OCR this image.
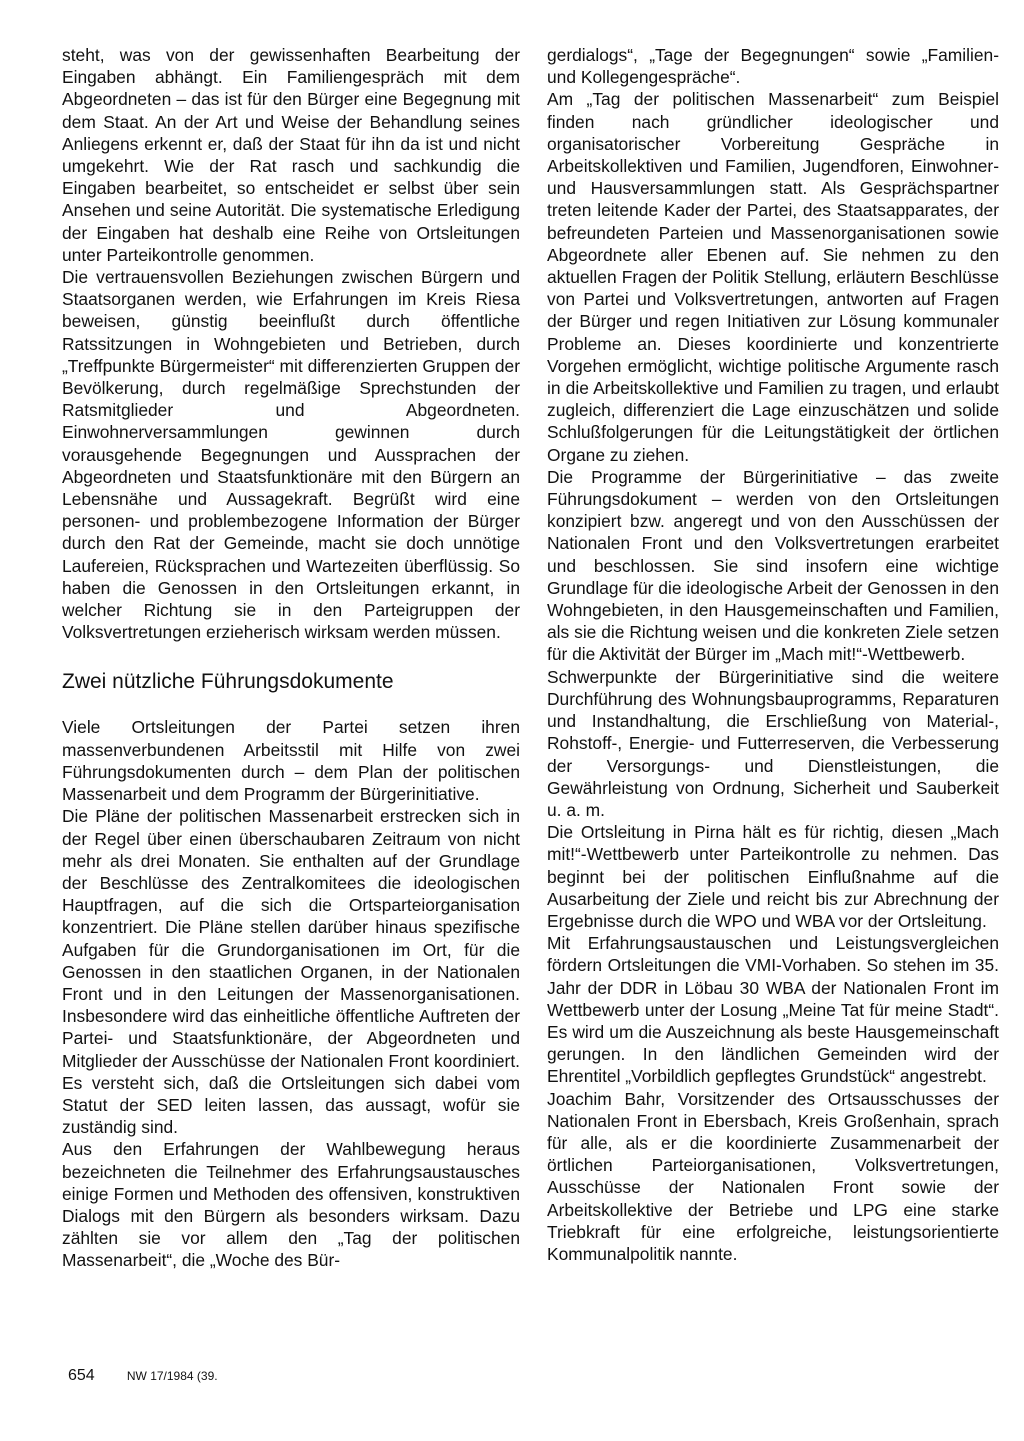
steht, was von der gewissenhaften Bearbeitung der Eingaben abhängt. Ein Familiengespräch mit dem Abgeordneten – das ist für den Bürger eine Begegnung mit dem Staat. An der Art und Weise der Behandlung seines Anliegens erkennt er, daß der Staat für ihn da ist und nicht umgekehrt. Wie der Rat rasch und sachkundig die Eingaben bearbeitet, so entscheidet er selbst über sein Ansehen und seine Autorität. Die systematische Erledigung der Eingaben hat deshalb eine Reihe von Ortsleitungen unter Parteikontrolle genommen.

Die vertrauensvollen Beziehungen zwischen Bürgern und Staatsorganen werden, wie Erfahrungen im Kreis Riesa beweisen, günstig beeinflußt durch öffentliche Ratssitzungen in Wohngebieten und Betrieben, durch „Treffpunkte Bürgermeister“ mit differenzierten Gruppen der Bevölkerung, durch regelmäßige Sprechstunden der Ratsmitglieder und Abgeordneten. Einwohnerversammlungen gewinnen durch vorausgehende Begegnungen und Aussprachen der Abgeordneten und Staatsfunktionäre mit den Bürgern an Lebensnähe und Aussagekraft. Begrüßt wird eine personen- und problembezogene Information der Bürger durch den Rat der Gemeinde, macht sie doch unnötige Laufereien, Rücksprachen und Wartezeiten überflüssig. So haben die Genossen in den Ortsleitungen erkannt, in welcher Richtung sie in den Parteigruppen der Volksvertretungen erzieherisch wirksam werden müssen.

Zwei nützliche Führungsdokumente

Viele Ortsleitungen der Partei setzen ihren massenverbundenen Arbeitsstil mit Hilfe von zwei Führungsdokumenten durch – dem Plan der politischen Massenarbeit und dem Programm der Bürgerinitiative.

Die Pläne der politischen Massenarbeit erstrecken sich in der Regel über einen überschaubaren Zeitraum von nicht mehr als drei Monaten. Sie enthalten auf der Grundlage der Beschlüsse des Zentralkomitees die ideologischen Hauptfragen, auf die sich die Ortsparteiorganisation konzentriert. Die Pläne stellen darüber hinaus spezifische Aufgaben für die Grundorganisationen im Ort, für die Genossen in den staatlichen Organen, in der Nationalen Front und in den Leitungen der Massenorganisationen. Insbesondere wird das einheitliche öffentliche Auftreten der Partei- und Staatsfunktionäre, der Abgeordneten und Mitglieder der Ausschüsse der Nationalen Front koordiniert. Es versteht sich, daß die Ortsleitungen sich dabei vom Statut der SED leiten lassen, das aussagt, wofür sie zuständig sind.

Aus den Erfahrungen der Wahlbewegung heraus bezeichneten die Teilnehmer des Erfahrungsaustausches einige Formen und Methoden des offensiven, konstruktiven Dialogs mit den Bürgern als besonders wirksam. Dazu zählten sie vor allem den „Tag der politischen Massenarbeit“, die „Woche des Bür-

gerdialogs“, „Tage der Begegnungen“ sowie „Familien- und Kollegengespräche“.

Am „Tag der politischen Massenarbeit“ zum Beispiel finden nach gründlicher ideologischer und organisatorischer Vorbereitung Gespräche in Arbeitskollektiven und Familien, Jugendforen, Einwohner- und Hausversammlungen statt. Als Gesprächspartner treten leitende Kader der Partei, des Staatsapparates, der befreundeten Parteien und Massenorganisationen sowie Abgeordnete aller Ebenen auf. Sie nehmen zu den aktuellen Fragen der Politik Stellung, erläutern Beschlüsse von Partei und Volksvertretungen, antworten auf Fragen der Bürger und regen Initiativen zur Lösung kommunaler Probleme an. Dieses koordinierte und konzentrierte Vorgehen ermöglicht, wichtige politische Argumente rasch in die Arbeitskollektive und Familien zu tragen, und erlaubt zugleich, differenziert die Lage einzuschätzen und solide Schlußfolgerungen für die Leitungstätigkeit der örtlichen Organe zu ziehen.

Die Programme der Bürgerinitiative – das zweite Führungsdokument – werden von den Ortsleitungen konzipiert bzw. angeregt und von den Ausschüssen der Nationalen Front und den Volksvertretungen erarbeitet und beschlossen. Sie sind insofern eine wichtige Grundlage für die ideologische Arbeit der Genossen in den Wohngebieten, in den Hausgemeinschaften und Familien, als sie die Richtung weisen und die konkreten Ziele setzen für die Aktivität der Bürger im „Mach mit!“-Wettbewerb.

Schwerpunkte der Bürgerinitiative sind die weitere Durchführung des Wohnungsbauprogramms, Reparaturen und Instandhaltung, die Erschließung von Material-, Rohstoff-, Energie- und Futterreserven, die Verbesserung der Versorgungs- und Dienstleistungen, die Gewährleistung von Ordnung, Sicherheit und Sauberkeit u. a. m.

Die Ortsleitung in Pirna hält es für richtig, diesen „Mach mit!“-Wettbewerb unter Parteikontrolle zu nehmen. Das beginnt bei der politischen Einflußnahme auf die Ausarbeitung der Ziele und reicht bis zur Abrechnung der Ergebnisse durch die WPO und WBA vor der Ortsleitung.

Mit Erfahrungsaustauschen und Leistungsvergleichen fördern Ortsleitungen die VMI-Vorhaben. So stehen im 35. Jahr der DDR in Löbau 30 WBA der Nationalen Front im Wettbewerb unter der Losung „Meine Tat für meine Stadt“. Es wird um die Auszeichnung als beste Hausgemeinschaft gerungen. In den ländlichen Gemeinden wird der Ehrentitel „Vorbildlich gepflegtes Grundstück“ angestrebt.

Joachim Bahr, Vorsitzender des Ortsausschusses der Nationalen Front in Ebersbach, Kreis Großenhain, sprach für alle, als er die koordinierte Zusammenarbeit der örtlichen Parteiorganisationen, Volksvertretungen, Ausschüsse der Nationalen Front sowie der Arbeitskollektive der Betriebe und LPG eine starke Triebkraft für eine erfolgreiche, leistungsorientierte Kommunalpolitik nannte.

654	NW 17/1984 (39.
